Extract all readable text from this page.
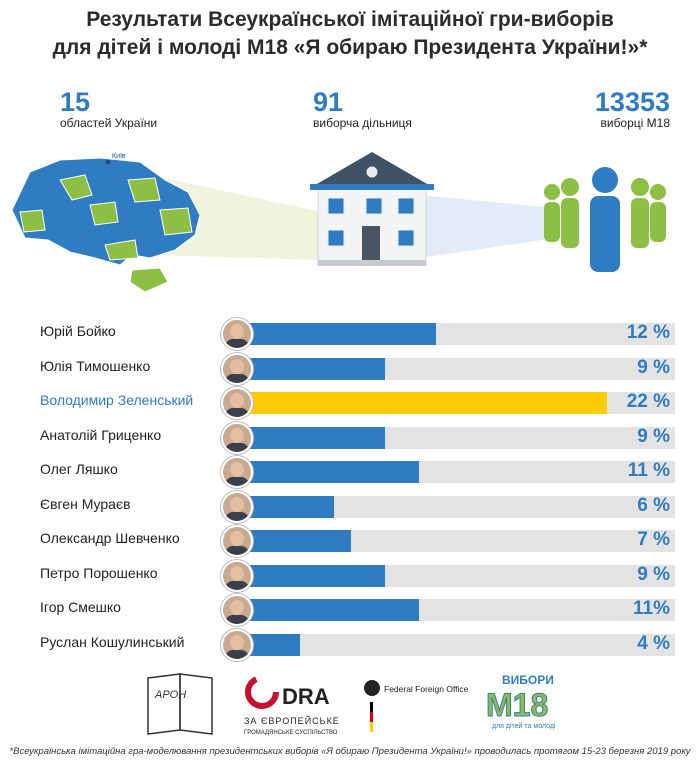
Результати Всеукраїнської імітаційної гри-виборів
для дітей і молоді М18 «Я обираю Президента України!»*
15
областей України
91
виборча дільниця
13353
виборці М18
Київ
Юрій Бойко	12 %
Юлія Тимошенко	9 %
Володимир Зеленський	22 %
Анатолій Гриценко	9 %
Олег Ляшко	11 %
Євген Мураєв	6 %
Олександр Шевченко	7 %
Петро Порошенко	9 %
Ігор Смешко	11%
Руслан Кошулинський	4 %
АРОН	DRA
ЗА ЄВРОПЕЙСЬКЕ
ГРОМАДЯНСЬКЕ СУСПІЛЬСТВО
Federal Foreign Office
ВИБОРИ
М18
для дітей та молоді
*Всеукраїнська імітаційна гра-моделювання президентських виборів «Я обираю Президента України!» проводилась протягом 15-23 березня 2019 року
